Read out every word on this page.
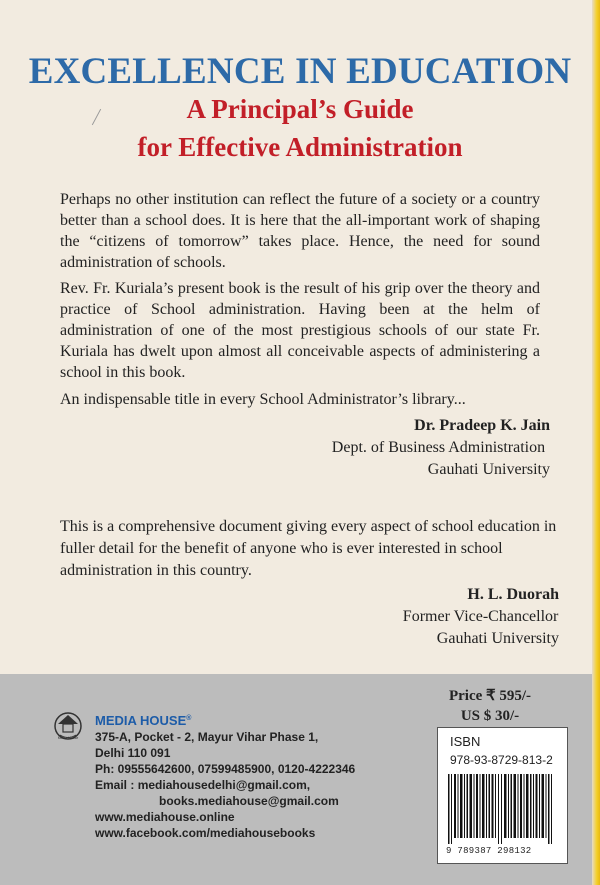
EXCELLENCE IN EDUCATION
A Principal’s Guide
for Effective Administration

Perhaps no other institution can reflect the future of a society or a country better than a school does. It is here that the all-important work of shaping the “citizens of tomorrow” takes place. Hence, the need for sound administration of schools.

Rev. Fr. Kuriala’s present book is the result of his grip over the theory and practice of School administration. Having been at the helm of administration of one of the most prestigious schools of our state Fr. Kuriala has dwelt upon almost all conceivable aspects of administering a school in this book.

An indispensable title in every School Administrator’s library...

Dr. Pradeep K. Jain
Dept. of Business Administration
Gauhati University

This is a comprehensive document giving every aspect of school education in fuller detail for the benefit of anyone who is ever interested in school administration in this country.

H. L. Duorah
Former Vice-Chancellor
Gauhati University
Media House
MEDIA HOUSE®
375-A, Pocket - 2, Mayur Vihar Phase 1,
Delhi 110 091
Ph: 09555642600, 07599485900, 0120-4222346
Email : mediahousedelhi@gmail.com,
books.mediahouse@gmail.com
www.mediahouse.online
www.facebook.com/mediahousebooks
Price ₹ 595/-
US $ 30/-
ISBN
978-93-8729-813-2
9 789387 298132
